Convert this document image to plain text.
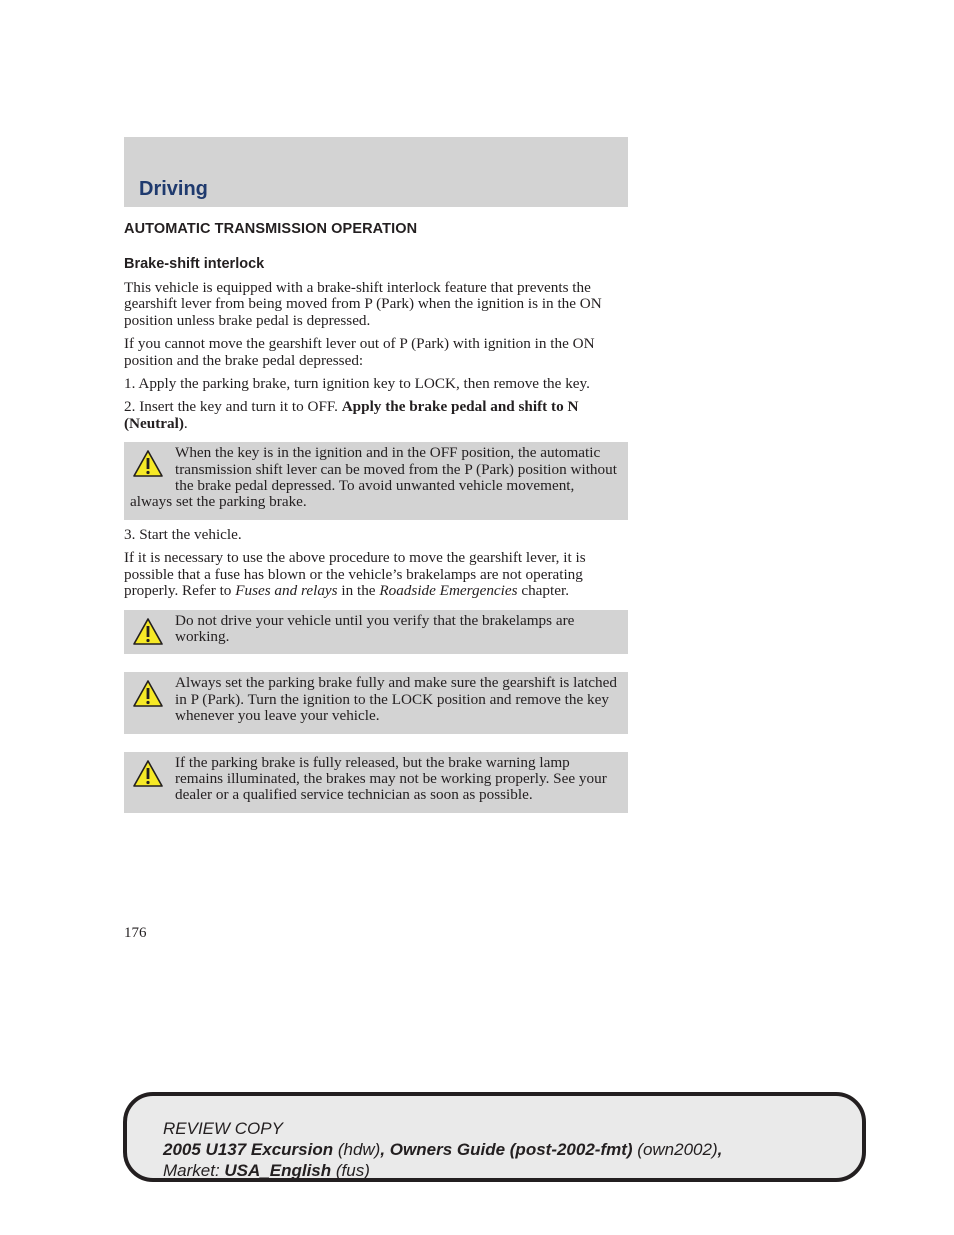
Driving
AUTOMATIC TRANSMISSION OPERATION
Brake-shift interlock

This vehicle is equipped with a brake-shift interlock feature that prevents the gearshift lever from being moved from P (Park) when the ignition is in the ON position unless brake pedal is depressed.

If you cannot move the gearshift lever out of P (Park) with ignition in the ON position and the brake pedal depressed:

1. Apply the parking brake, turn ignition key to LOCK, then remove the key.

2. Insert the key and turn it to OFF. Apply the brake pedal and shift to N (Neutral).

When the key is in the ignition and in the OFF position, the automatic transmission shift lever can be moved from the P (Park) position without the brake pedal depressed. To avoid unwanted vehicle movement, always set the parking brake.

3. Start the vehicle.

If it is necessary to use the above procedure to move the gearshift lever, it is possible that a fuse has blown or the vehicle’s brakelamps are not operating properly. Refer to Fuses and relays in the Roadside Emergencies chapter.

Do not drive your vehicle until you verify that the brakelamps are working.
Always set the parking brake fully and make sure the gearshift is latched in P (Park). Turn the ignition to the LOCK position and remove the key whenever you leave your vehicle.
If the parking brake is fully released, but the brake warning lamp remains illuminated, the brakes may not be working properly. See your dealer or a qualified service technician as soon as possible.
176
REVIEW COPY
2005 U137 Excursion (hdw), Owners Guide (post-2002-fmt) (own2002),
Market: USA_English (fus)
